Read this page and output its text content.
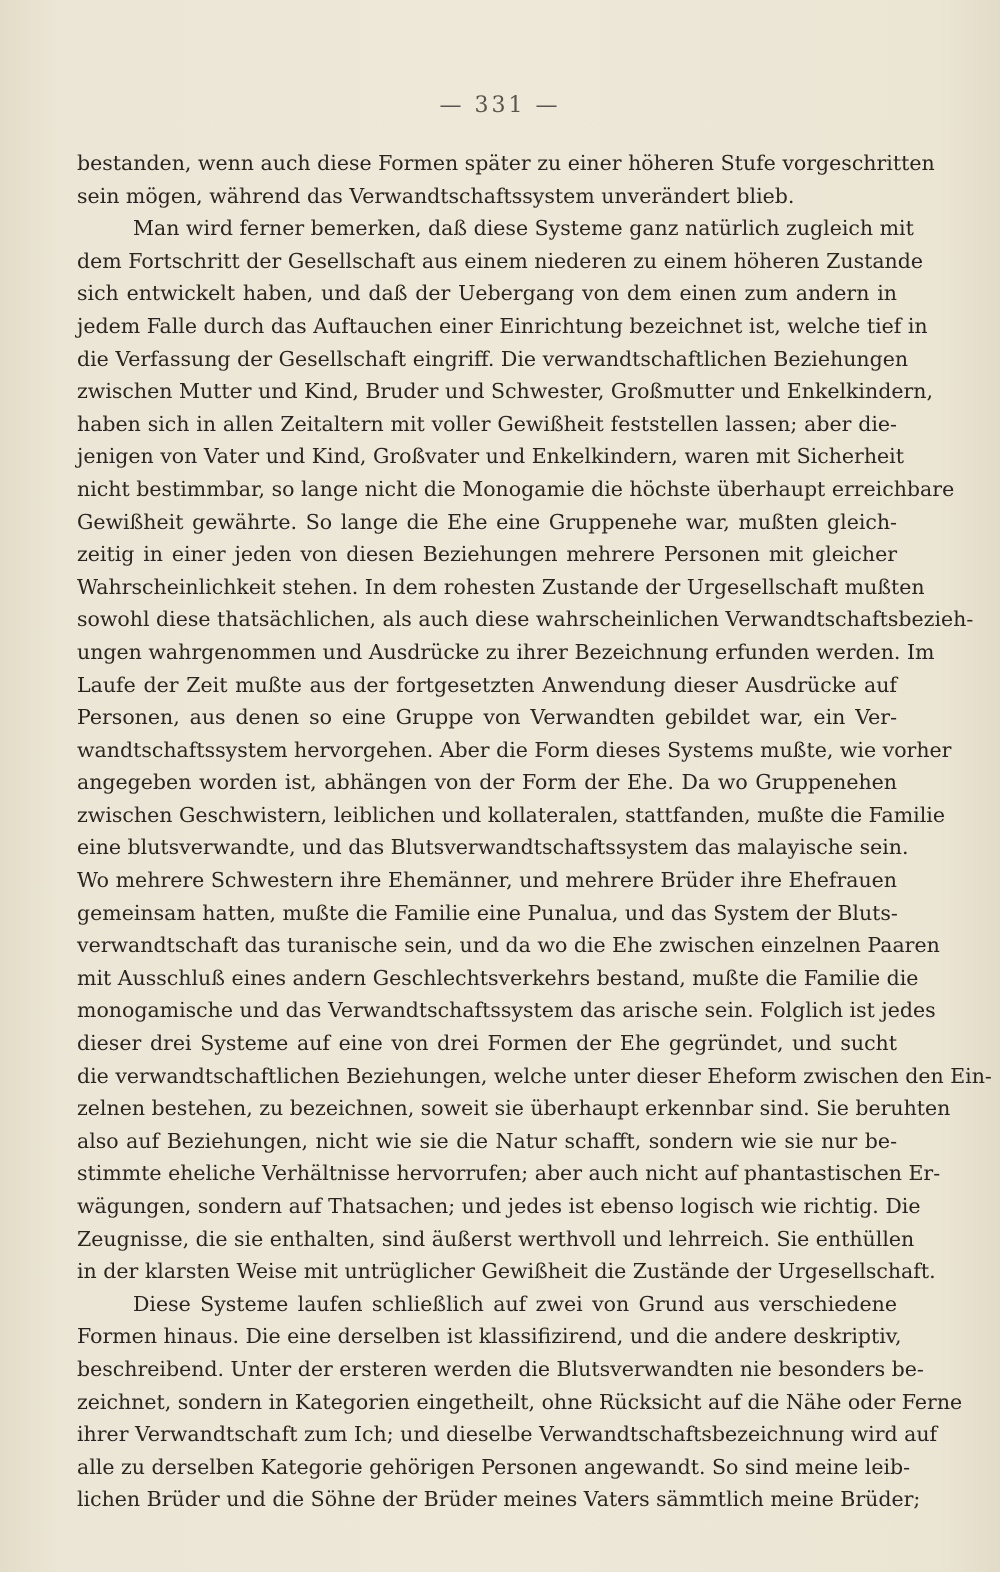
— 331 —
bestanden, wenn auch diese Formen später zu einer höheren Stufe vorgeschritten
sein mögen, während das Verwandtschaftssystem unverändert blieb.
Man wird ferner bemerken, daß diese Systeme ganz natürlich zugleich mit
dem Fortschritt der Gesellschaft aus einem niederen zu einem höheren Zustande
sich entwickelt haben, und daß der Uebergang von dem einen zum andern in
jedem Falle durch das Auftauchen einer Einrichtung bezeichnet ist, welche tief in
die Verfassung der Gesellschaft eingriff. Die verwandtschaftlichen Beziehungen
zwischen Mutter und Kind, Bruder und Schwester, Großmutter und Enkelkindern,
haben sich in allen Zeitaltern mit voller Gewißheit feststellen lassen; aber die-
jenigen von Vater und Kind, Großvater und Enkelkindern, waren mit Sicherheit
nicht bestimmbar, so lange nicht die Monogamie die höchste überhaupt erreichbare
Gewißheit gewährte. So lange die Ehe eine Gruppenehe war, mußten gleich-
zeitig in einer jeden von diesen Beziehungen mehrere Personen mit gleicher
Wahrscheinlichkeit stehen. In dem rohesten Zustande der Urgesellschaft mußten
sowohl diese thatsächlichen, als auch diese wahrscheinlichen Verwandtschaftsbezieh-
ungen wahrgenommen und Ausdrücke zu ihrer Bezeichnung erfunden werden. Im
Laufe der Zeit mußte aus der fortgesetzten Anwendung dieser Ausdrücke auf
Personen, aus denen so eine Gruppe von Verwandten gebildet war, ein Ver-
wandtschaftssystem hervorgehen. Aber die Form dieses Systems mußte, wie vorher
angegeben worden ist, abhängen von der Form der Ehe. Da wo Gruppenehen
zwischen Geschwistern, leiblichen und kollateralen, stattfanden, mußte die Familie
eine blutsverwandte, und das Blutsverwandtschaftssystem das malayische sein.
Wo mehrere Schwestern ihre Ehemänner, und mehrere Brüder ihre Ehefrauen
gemeinsam hatten, mußte die Familie eine Punalua, und das System der Bluts-
verwandtschaft das turanische sein, und da wo die Ehe zwischen einzelnen Paaren
mit Ausschluß eines andern Geschlechtsverkehrs bestand, mußte die Familie die
monogamische und das Verwandtschaftssystem das arische sein. Folglich ist jedes
dieser drei Systeme auf eine von drei Formen der Ehe gegründet, und sucht
die verwandtschaftlichen Beziehungen, welche unter dieser Eheform zwischen den Ein-
zelnen bestehen, zu bezeichnen, soweit sie überhaupt erkennbar sind. Sie beruhten
also auf Beziehungen, nicht wie sie die Natur schafft, sondern wie sie nur be-
stimmte eheliche Verhältnisse hervorrufen; aber auch nicht auf phantastischen Er-
wägungen, sondern auf Thatsachen; und jedes ist ebenso logisch wie richtig. Die
Zeugnisse, die sie enthalten, sind äußerst werthvoll und lehrreich. Sie enthüllen
in der klarsten Weise mit untrüglicher Gewißheit die Zustände der Urgesellschaft.
Diese Systeme laufen schließlich auf zwei von Grund aus verschiedene
Formen hinaus. Die eine derselben ist klassifizirend, und die andere deskriptiv,
beschreibend. Unter der ersteren werden die Blutsverwandten nie besonders be-
zeichnet, sondern in Kategorien eingetheilt, ohne Rücksicht auf die Nähe oder Ferne
ihrer Verwandtschaft zum Ich; und dieselbe Verwandtschaftsbezeichnung wird auf
alle zu derselben Kategorie gehörigen Personen angewandt. So sind meine leib-
lichen Brüder und die Söhne der Brüder meines Vaters sämmtlich meine Brüder;
